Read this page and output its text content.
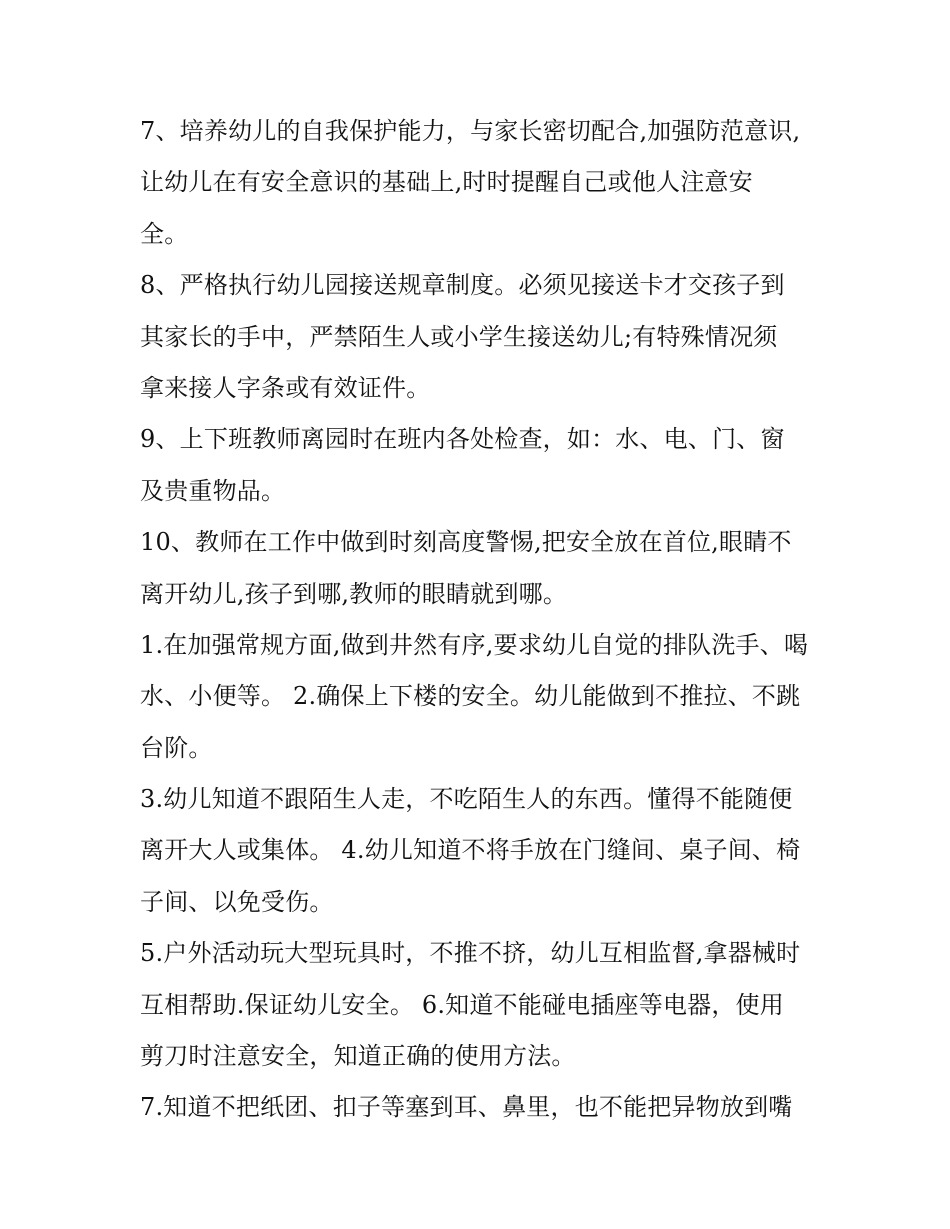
7、培养幼儿的自我保护能力，与家长密切配合,加强防范意识,
让幼儿在有安全意识的基础上,时时提醒自己或他人注意安
全。
8、严格执行幼儿园接送规章制度。必须见接送卡才交孩子到
其家长的手中，严禁陌生人或小学生接送幼儿;有特殊情况须
拿来接人字条或有效证件。
9、上下班教师离园时在班内各处检查，如：水、电、门、窗
及贵重物品。
10、教师在工作中做到时刻高度警惕,把安全放在首位,眼睛不
离开幼儿,孩子到哪,教师的眼睛就到哪。
1.在加强常规方面,做到井然有序,要求幼儿自觉的排队洗手、喝
水、小便等。 2.确保上下楼的安全。幼儿能做到不推拉、不跳
台阶。
3.幼儿知道不跟陌生人走，不吃陌生人的东西。懂得不能随便
离开大人或集体。 4.幼儿知道不将手放在门缝间、桌子间、椅
子间、以免受伤。
5.户外活动玩大型玩具时，不推不挤，幼儿互相监督,拿器械时
互相帮助.保证幼儿安全。 6.知道不能碰电插座等电器，使用
剪刀时注意安全，知道正确的使用方法。
7.知道不把纸团、扣子等塞到耳、鼻里，也不能把异物放到嘴
